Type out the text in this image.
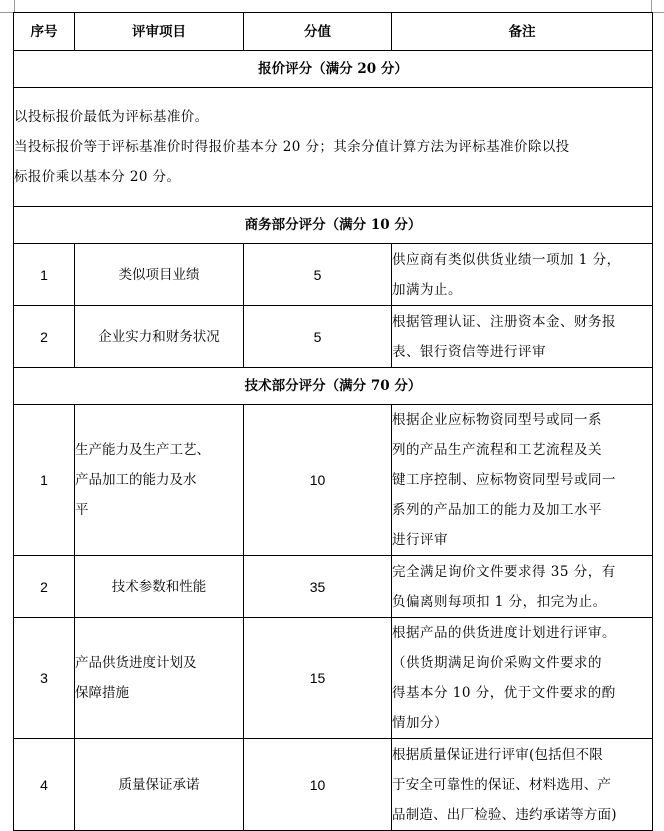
序号	评审项目	分值	备注
报价评分（满分 20 分）			

以投标报价最低为评标基准价。
当投标报价等于评标基准价时得报价基本分 20 分；其余分值计算方法为评标基准价除以投
标报价乘以基本分 20 分。			

商务部分评分（满分 10 分）			
1	类似项目业绩	5	供应商有类似供货业绩一项加 1 分，
加满为止。

2	企业实力和财务状况	5	根据管理认证、注册资本金、财务报
表、银行资信等进行评审

技术部分评分（满分 70 分）			
1	生产能力及生产工艺、
产品加工的能力及水
平	10	根据企业应标物资同型号或同一系
列的产品生产流程和工艺流程及关
键工序控制、应标物资同型号或同一
系列的产品加工的能力及加工水平
进行评审

2	技术参数和性能	35	完全满足询价文件要求得 35 分，有
负偏离则每项扣 1 分，扣完为止。

3	产品供货进度计划及
保障措施	15	根据产品的供货进度计划进行评审。
（供货期满足询价采购文件要求的
得基本分 10 分，优于文件要求的酌
情加分）

4	质量保证承诺	10	根据质量保证进行评审(包括但不限
于安全可靠性的保证、材料选用、产
品制造、出厂检验、违约承诺等方面)
